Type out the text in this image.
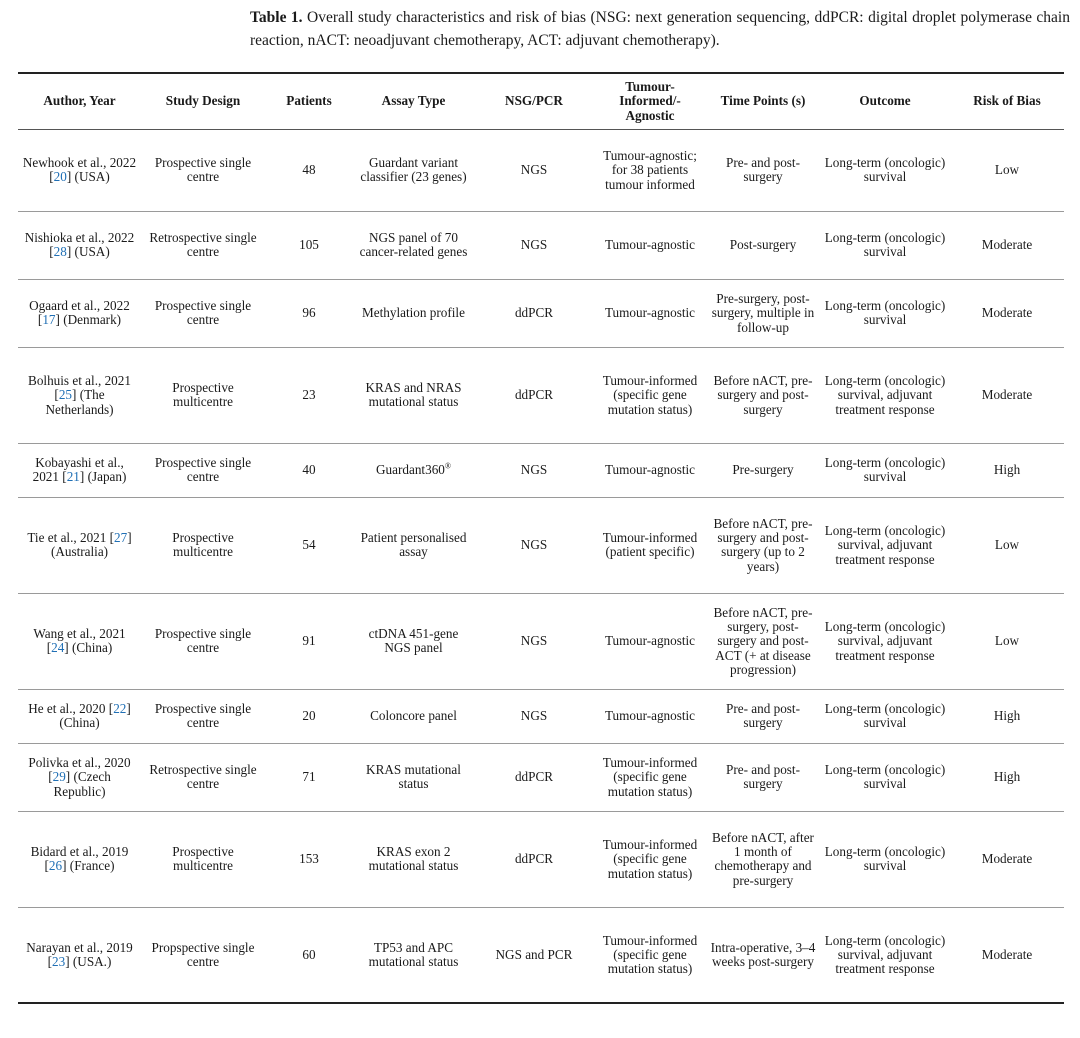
Table 1. Overall study characteristics and risk of bias (NSG: next generation sequencing, ddPCR: digital droplet polymerase chain reaction, nACT: neoadjuvant chemotherapy, ACT: adjuvant chemotherapy).
Author, Year	Study Design	Patients	Assay Type	NSG/PCR	Tumour-Informed/-Agnostic	Time Points (s)	Outcome	Risk of Bias
Newhook et al., 2022 [20] (USA)	Prospective single centre	48	Guardant variant classifier (23 genes)	NGS	Tumour-agnostic; for 38 patients tumour informed	Pre- and post-surgery	Long-term (oncologic) survival	Low
Nishioka et al., 2022 [28] (USA)	Retrospective single centre	105	NGS panel of 70 cancer-related genes	NGS	Tumour-agnostic	Post-surgery	Long-term (oncologic) survival	Moderate
Ogaard et al., 2022 [17] (Denmark)	Prospective single centre	96	Methylation profile	ddPCR	Tumour-agnostic	Pre-surgery, post-surgery, multiple in follow-up	Long-term (oncologic) survival	Moderate
Bolhuis et al., 2021 [25] (The Netherlands)	Prospective multicentre	23	KRAS and NRAS mutational status	ddPCR	Tumour-informed (specific gene mutation status)	Before nACT, pre-surgery and post-surgery	Long-term (oncologic) survival, adjuvant treatment response	Moderate
Kobayashi et al., 2021 [21] (Japan)	Prospective single centre	40	Guardant360®	NGS	Tumour-agnostic	Pre-surgery	Long-term (oncologic) survival	High
Tie et al., 2021 [27] (Australia)	Prospective multicentre	54	Patient personalised assay	NGS	Tumour-informed (patient specific)	Before nACT, pre-surgery and post-surgery (up to 2 years)	Long-term (oncologic) survival, adjuvant treatment response	Low
Wang et al., 2021 [24] (China)	Prospective single centre	91	ctDNA 451-gene NGS panel	NGS	Tumour-agnostic	Before nACT, pre-surgery, post-surgery and post-ACT (+ at disease progression)	Long-term (oncologic) survival, adjuvant treatment response	Low
He et al., 2020 [22] (China)	Prospective single centre	20	Coloncore panel	NGS	Tumour-agnostic	Pre- and post-surgery	Long-term (oncologic) survival	High
Polivka et al., 2020 [29] (Czech Republic)	Retrospective single centre	71	KRAS mutational status	ddPCR	Tumour-informed (specific gene mutation status)	Pre- and post-surgery	Long-term (oncologic) survival	High
Bidard et al., 2019 [26] (France)	Prospective multicentre	153	KRAS exon 2 mutational status	ddPCR	Tumour-informed (specific gene mutation status)	Before nACT, after 1 month of chemotherapy and pre-surgery	Long-term (oncologic) survival	Moderate
Narayan et al., 2019 [23] (USA.)	Propspective single centre	60	TP53 and APC mutational status	NGS and PCR	Tumour-informed (specific gene mutation status)	Intra-operative, 3–4 weeks post-surgery	Long-term (oncologic) survival, adjuvant treatment response	Moderate
